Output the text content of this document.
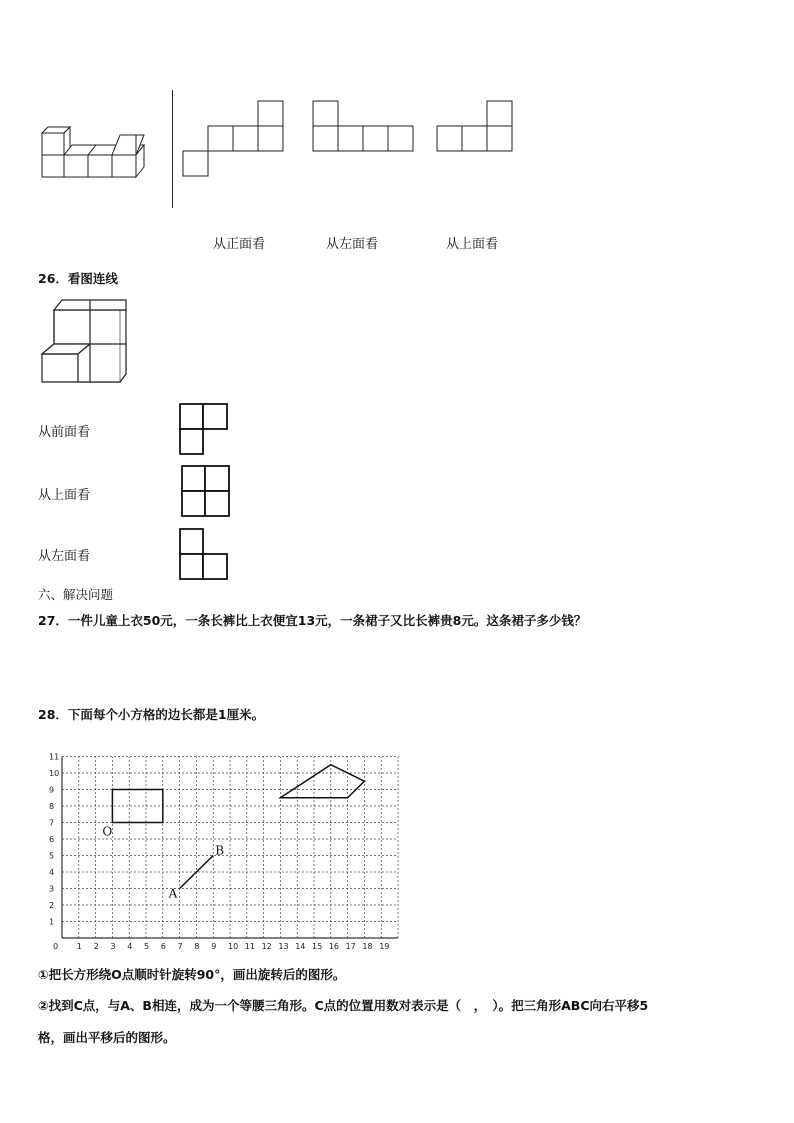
从正面看	从左面看	从上面看
26．看图连线
从前面看
从上面看
从左面看
六、解决问题
27．一件儿童上衣50元，一条长裤比上衣便宜13元，一条裙子又比长裤贵8元。这条裙子多少钱？
28．下面每个小方格的边长都是1厘米。
0 1 2 3 4 5 6 7 8 9 10 11 12 13 14 15 16 17 18 19
1
2
3
4
5
6
7
8
9
10
11
O
A
B
①把长方形绕O点顺时针旋转90°，画出旋转后的图形。
②找到C点，与A、B相连，成为一个等腰三角形。C点的位置用数对表示是（　，　）。把三角形ABC向右平移5
格，画出平移后的图形。
